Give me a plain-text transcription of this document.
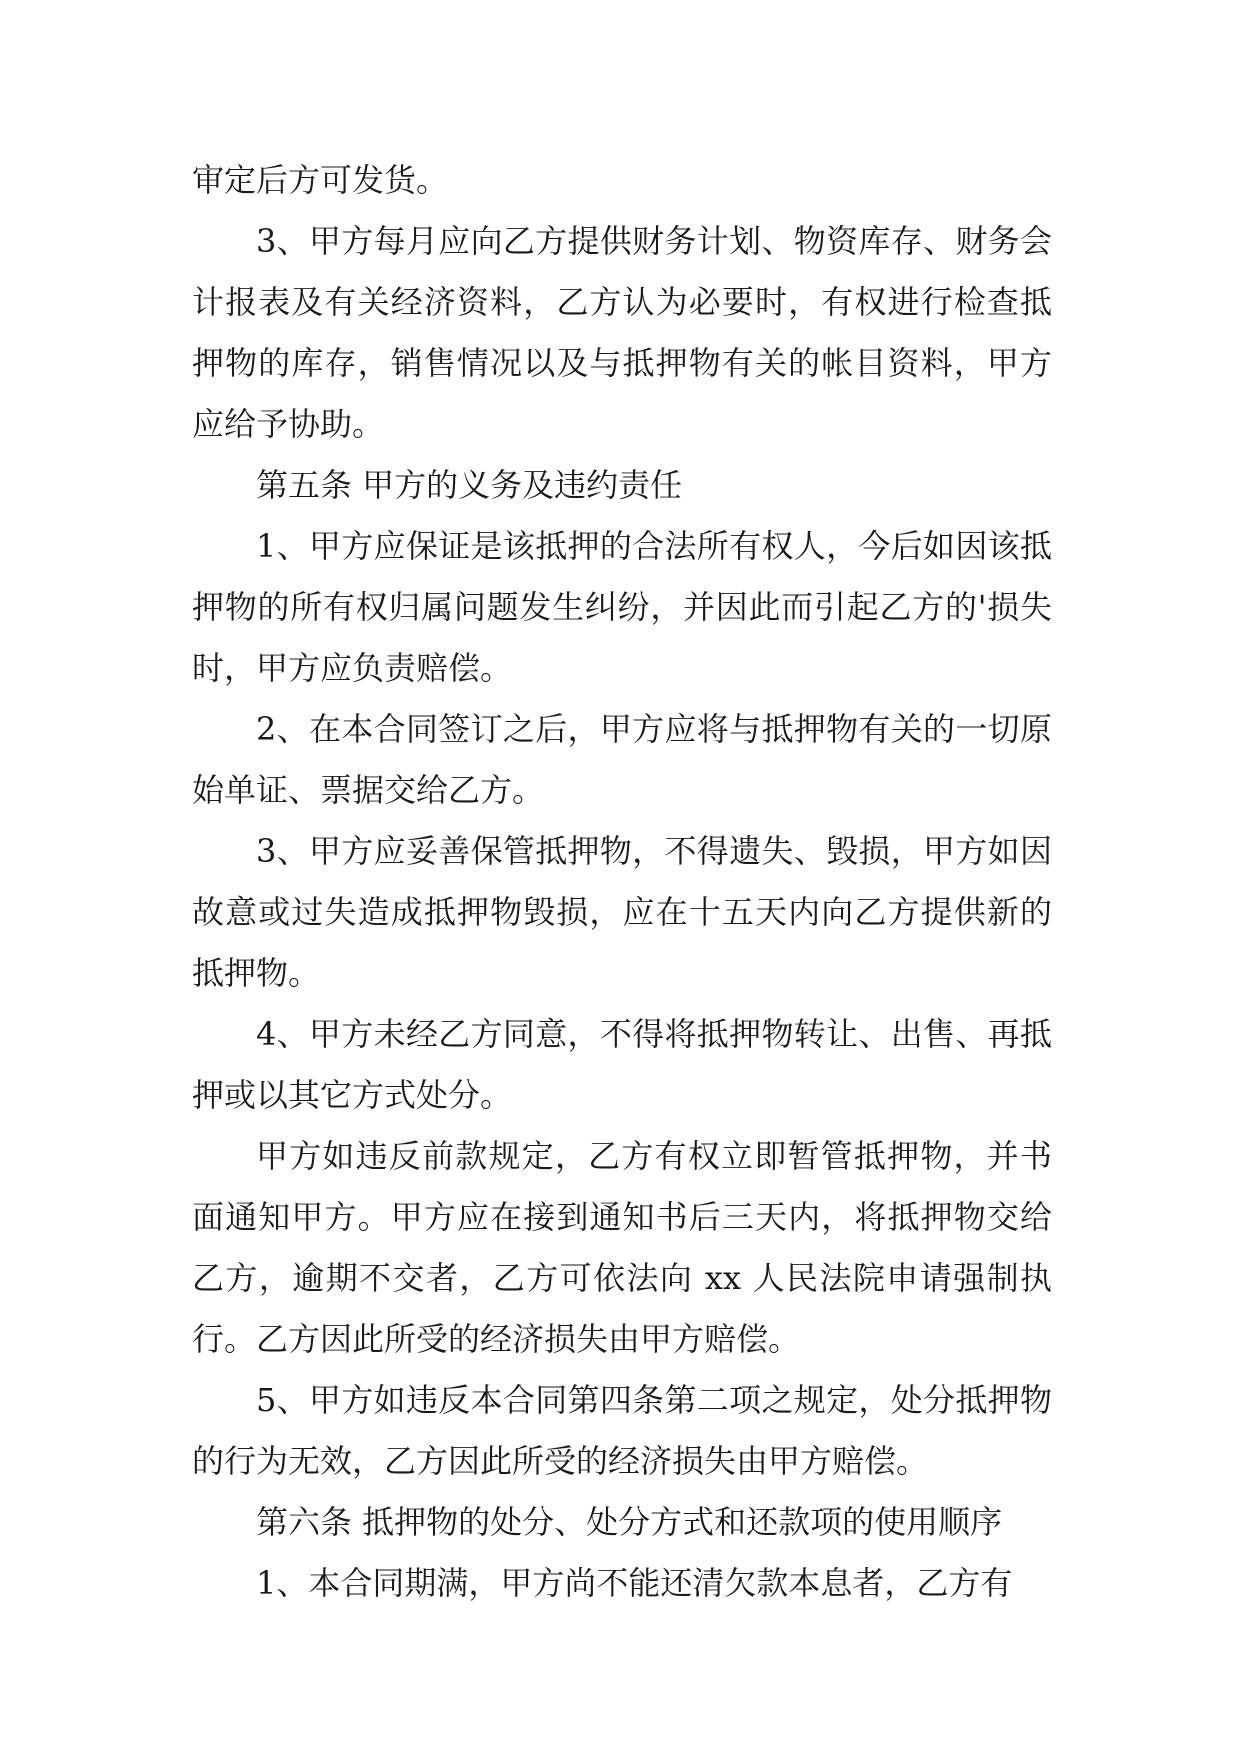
审定后方可发货。

3、甲方每月应向乙方提供财务计划、物资库存、财务会计报表及有关经济资料，乙方认为必要时，有权进行检查抵押物的库存，销售情况以及与抵押物有关的帐目资料，甲方应给予协助。

第五条 甲方的义务及违约责任

1、甲方应保证是该抵押的合法所有权人，今后如因该抵押物的所有权归属问题发生纠纷，并因此而引起乙方的'损失时，甲方应负责赔偿。

2、在本合同签订之后，甲方应将与抵押物有关的一切原始单证、票据交给乙方。

3、甲方应妥善保管抵押物，不得遗失、毁损，甲方如因故意或过失造成抵押物毁损，应在十五天内向乙方提供新的抵押物。

4、甲方未经乙方同意，不得将抵押物转让、出售、再抵押或以其它方式处分。

甲方如违反前款规定，乙方有权立即暂管抵押物，并书面通知甲方。甲方应在接到通知书后三天内，将抵押物交给乙方，逾期不交者，乙方可依法向 xx 人民法院申请强制执行。乙方因此所受的经济损失由甲方赔偿。

5、甲方如违反本合同第四条第二项之规定，处分抵押物的行为无效，乙方因此所受的经济损失由甲方赔偿。

第六条 抵押物的处分、处分方式和还款项的使用顺序

1、本合同期满，甲方尚不能还清欠款本息者，乙方有
